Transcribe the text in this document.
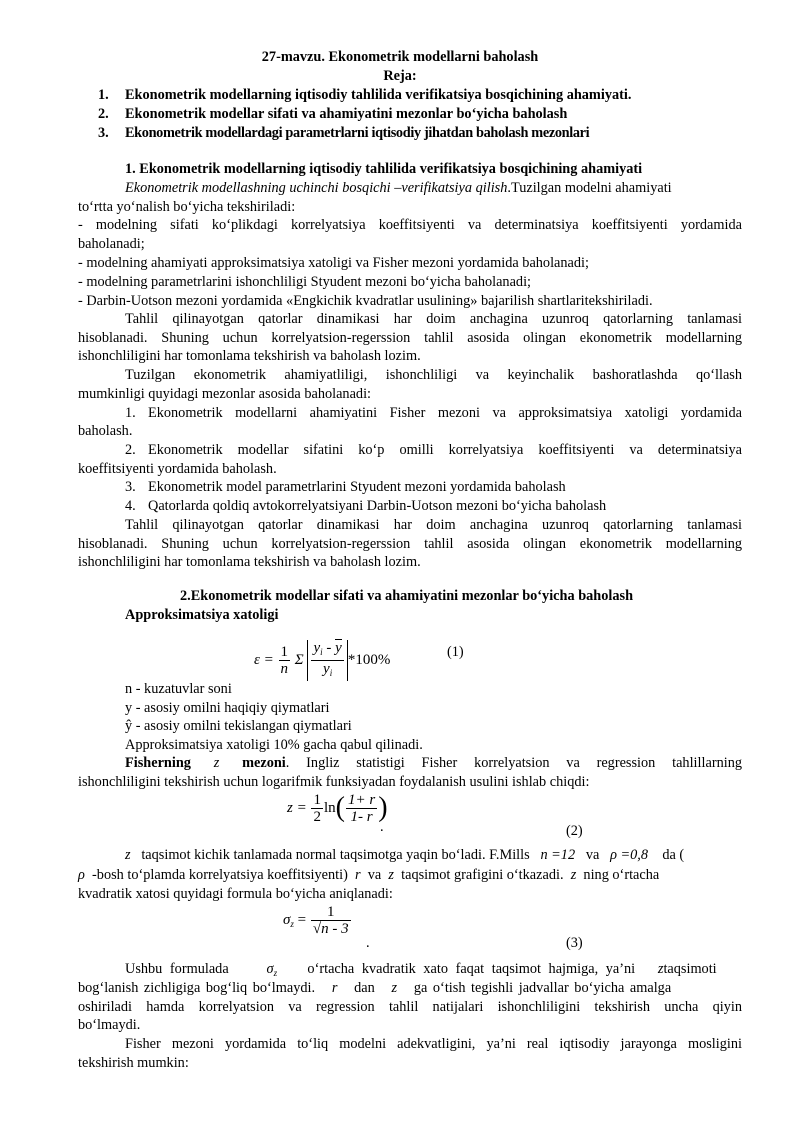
27-mavzu. Ekonometrik modellarni baholash
Reja:
1. Ekonometrik modellarning iqtisodiy tahlilida verifikatsiya bosqichining ahamiyati.
2. Ekonometrik modellar sifati va ahamiyatini mezonlar bo‘yicha baholash
3. Ekonometrik modellardagi parametrlarni iqtisodiy jihatdan baholash mezonlari
1. Ekonometrik modellarning iqtisodiy tahlilida verifikatsiya bosqichining ahamiyati
Ekonometrik modellashning uchinchi bosqichi –verifikatsiya qilish.Tuzilgan modelni ahamiyati
to‘rtta yo‘nalish bo‘yicha tekshiriladi:
- modelning sifati ko‘plikdagi korrelyatsiya koeffitsiyenti va determinatsiya koeffitsiyenti yordamida
baholanadi;
- modelning ahamiyati approksimatsiya xatoligi va Fisher mezoni yordamida baholanadi;
- modelning parametrlarini ishonchliligi Styudent mezoni bo‘yicha baholanadi;
- Darbin-Uotson mezoni yordamida «Engkichik kvadratlar usulining» bajarilish shartlaritekshiriladi.
Tahlil qilinayotgan qatorlar dinamikasi har doim anchagina uzunroq qatorlarning tanlamasi
hisoblanadi. Shuning uchun korrelyatsion-regerssion tahlil asosida olingan ekonometrik modellarning
ishonchliligini har tomonlama tekshirish va baholash lozim.
Tuzilgan ekonometrik ahamiyatliligi, ishonchliligi va keyinchalik bashoratlashda qo‘llash
mumkinligi quyidagi mezonlar asosida baholanadi:
1. Ekonometrik modellarni ahamiyatini Fisher mezoni va approksimatsiya xatoligi yordamida
baholash.
2. Ekonometrik modellar sifatini ko‘p omilli korrelyatsiya koeffitsiyenti va determinatsiya
koeffitsiyenti yordamida baholash.
3. Ekonometrik model parametrlarini Styudent mezoni yordamida baholash
4. Qatorlarda qoldiq avtokorrelyatsiyani Darbin-Uotson mezoni bo‘yicha baholash
Tahlil qilinayotgan qatorlar dinamikasi har doim anchagina uzunroq qatorlarning tanlamasi
hisoblanadi. Shuning uchun korrelyatsion-regerssion tahlil asosida olingan ekonometrik modellarning
ishonchliligini har tomonlama tekshirish va baholash lozim.
2.Ekonometrik modellar sifati va ahamiyatini mezonlar bo‘yicha baholash
Approksimatsiya xatoligi
$\varepsilon = \frac{1}{n}$ Σ $\frac{y_i - y}{y_i} *100\%$	(1)
n - kuzatuvlar soni
y - asosiy omilni haqiqiy qiymatlari
ŷ - asosiy omilni tekislangan qiymatlari
Approksimatsiya xatoligi 10% gacha qabul qilinadi.
Fisherning z mezoni. Ingliz statistigi Fisher korrelyatsion va regression tahlillarning
ishonchliligini tekshirish uchun logarifmik funksiyadan foydalanish usulini ishlab chiqdi:
$z = \frac{1}{2} \ln( \frac{1+ r}{1- r}$ )
.	(2)
z taqsimot kichik tanlamada normal taqsimotga yaqin bo‘ladi. F.Mills n =12 va ρ =0,8 da (
ρ -bosh to‘plamda korrelyatsiya koeffitsiyenti) r va z taqsimot grafigini o‘tkazadi. z ning o‘rtacha
kvadratik xatosi quyidagi formula bo‘yicha aniqlanadi:
$\sigma_z = \frac{1}{√n - 3}$
.	(3)
Ushbu formulada	$\sigma_z$ o‘rtacha kvadratik xato faqat taqsimot hajmiga, ya’ni ztaqsimoti
bog‘lanish zichligiga bog‘liq bo‘lmaydi. r dan z ga o‘tish tegishli jadvallar bo‘yicha amalga
oshiriladi hamda korrelyatsion va regression tahlil natijalari ishonchliligini tekshirish uncha qiyin
bo‘lmaydi.
Fisher mezoni yordamida to‘liq modelni adekvatligini, ya’ni real iqtisodiy jarayonga mosligini
tekshirish mumkin:
